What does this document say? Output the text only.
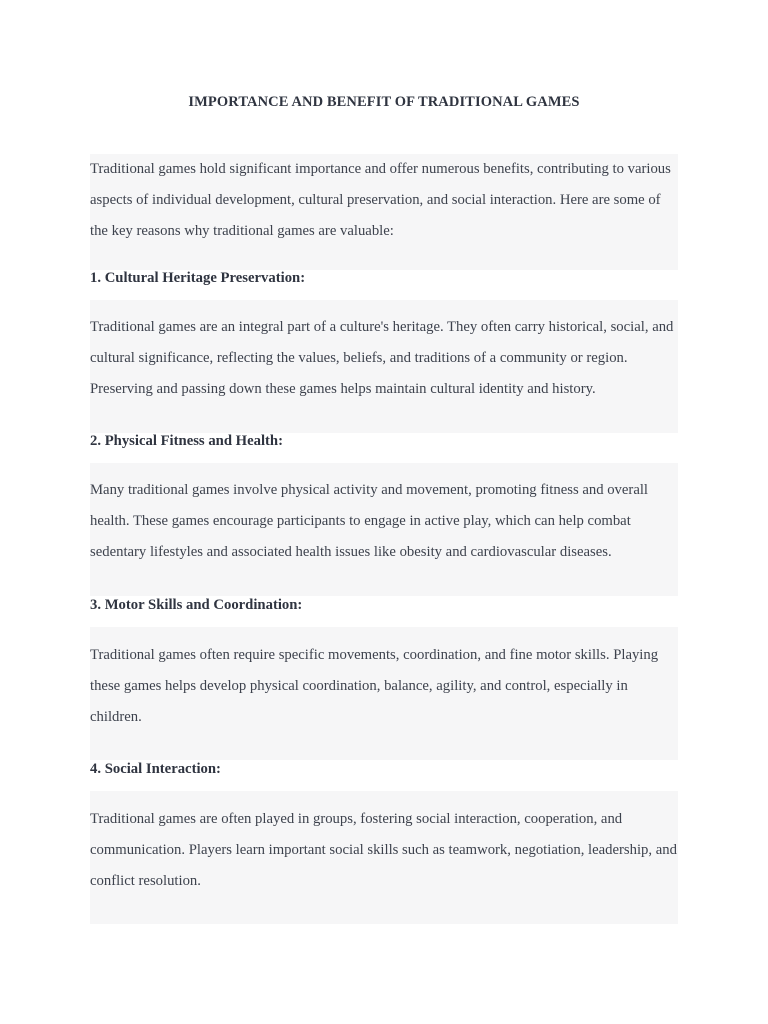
IMPORTANCE AND BENEFIT OF TRADITIONAL GAMES

Traditional games hold significant importance and offer numerous benefits, contributing to various aspects of individual development, cultural preservation, and social interaction. Here are some of the key reasons why traditional games are valuable:

1. Cultural Heritage Preservation:

Traditional games are an integral part of a culture's heritage. They often carry historical, social, and cultural significance, reflecting the values, beliefs, and traditions of a community or region. Preserving and passing down these games helps maintain cultural identity and history.

2. Physical Fitness and Health:

Many traditional games involve physical activity and movement, promoting fitness and overall health. These games encourage participants to engage in active play, which can help combat sedentary lifestyles and associated health issues like obesity and cardiovascular diseases.

3. Motor Skills and Coordination:

Traditional games often require specific movements, coordination, and fine motor skills. Playing these games helps develop physical coordination, balance, agility, and control, especially in children.

4. Social Interaction:

Traditional games are often played in groups, fostering social interaction, cooperation, and communication. Players learn important social skills such as teamwork, negotiation, leadership, and conflict resolution.
